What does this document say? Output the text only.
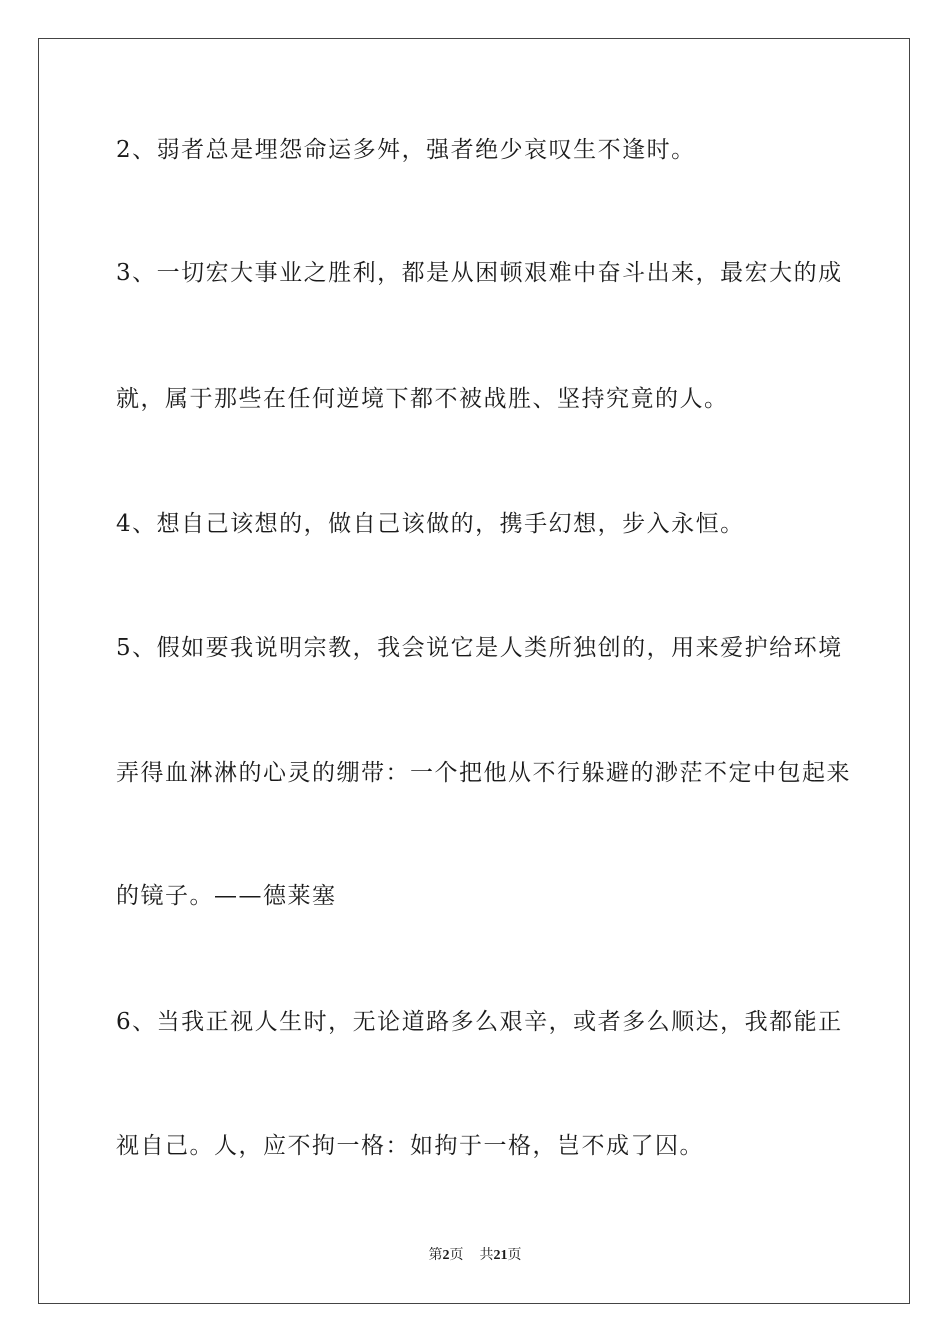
2、弱者总是埋怨命运多舛，强者绝少哀叹生不逢时。
3、一切宏大事业之胜利，都是从困顿艰难中奋斗出来，最宏大的成
就，属于那些在任何逆境下都不被战胜、坚持究竟的人。
4、想自己该想的，做自己该做的，携手幻想，步入永恒。
5、假如要我说明宗教，我会说它是人类所独创的，用来爱护给环境
弄得血淋淋的心灵的绷带：一个把他从不行躲避的渺茫不定中包起来
的镜子。——德莱塞
6、当我正视人生时，无论道路多么艰辛，或者多么顺达，我都能正
视自己。人，应不拘一格：如拘于一格，岂不成了囚。
第2页 共21页
